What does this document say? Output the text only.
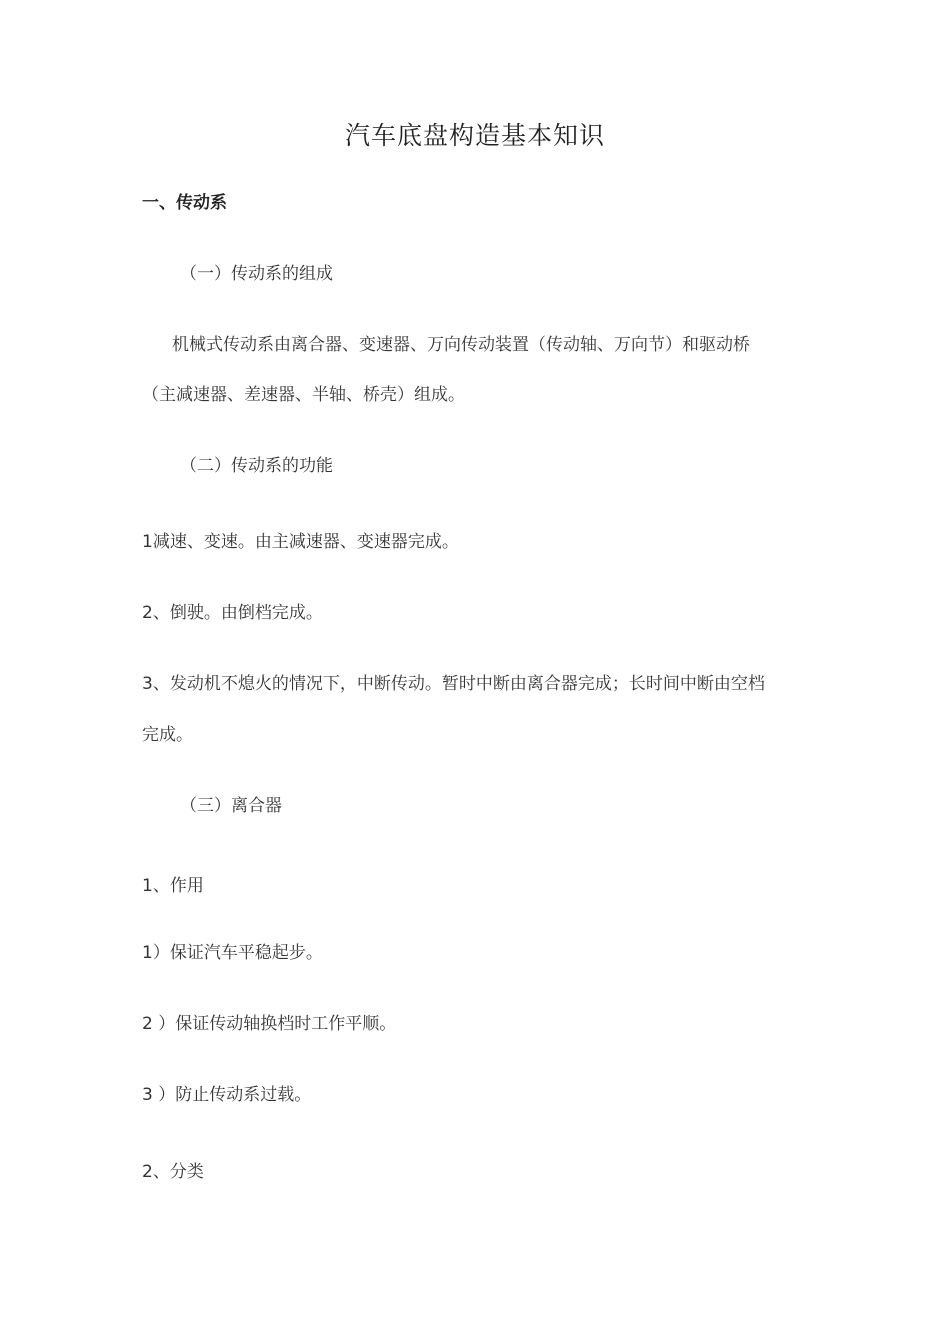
汽车底盘构造基本知识
一、传动系
（一）传动系的组成
机械式传动系由离合器、变速器、万向传动装置（传动轴、万向节）和驱动桥
（主减速器、差速器、半轴、桥壳）组成。
（二）传动系的功能
1减速、变速。由主减速器、变速器完成。
2、倒驶。由倒档完成。
3、发动机不熄火的情况下，中断传动。暂时中断由离合器完成；长时间中断由空档
完成。
（三）离合器
1、作用
1）保证汽车平稳起步。
2 ）保证传动轴换档时工作平顺。
3 ）防止传动系过载。
2、分类
